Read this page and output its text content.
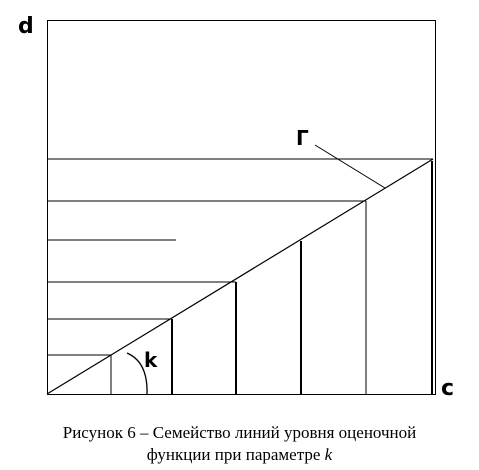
d
c
Г
k
Рисунок 6 – Семейство линий уровня оценочной
функции при параметре k
